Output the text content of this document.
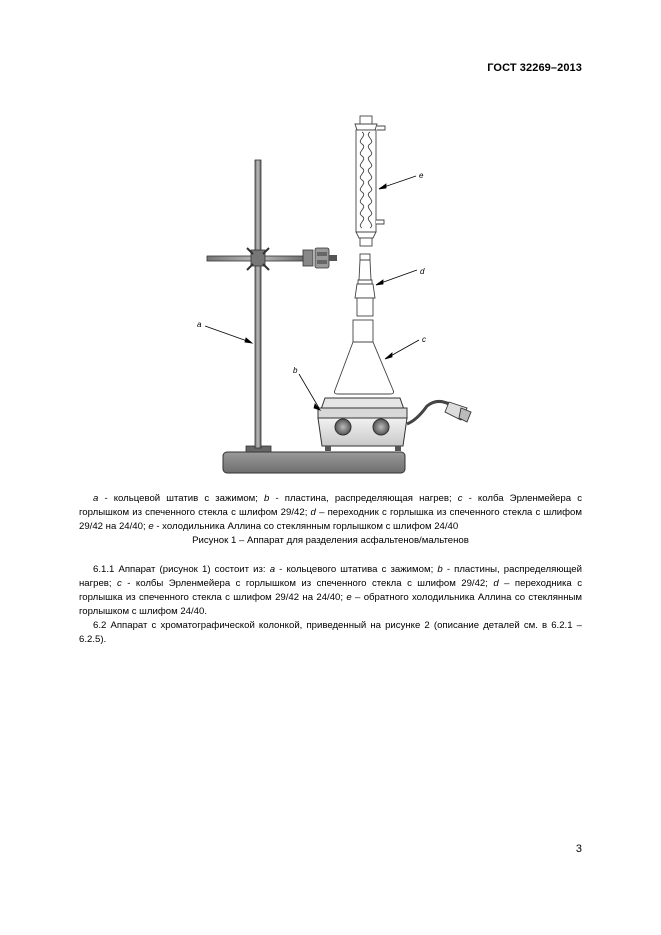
ГОСТ 32269–2013
a
e
d
c
b

a - кольцевой штатив с зажимом; b - пластина, распределяющая нагрев; c - колба Эрленмейера с горлышком из спеченного стекла с шлифом 29/42; d – переходник с горлышка из спеченного стекла с шлифом 29/42 на 24/40; e - холодильника Аллина со стеклянным горлышком с шлифом 24/40

Рисунок 1 – Аппарат для разделения асфальтенов/мальтенов

6.1.1 Аппарат (рисунок 1) состоит из: a - кольцевого штатива с зажимом; b - пластины, распределяющей нагрев; c - колбы Эрленмейера с горлышком из спеченного стекла с шлифом 29/42; d – переходника с горлышка из спеченного стекла с шлифом 29/42 на 24/40; e – обратного холодильника Аллина со стеклянным горлышком с шлифом 24/40.

6.2 Аппарат с хроматографической колонкой, приведенный на рисунке 2 (описание деталей см. в 6.2.1 – 6.2.5).

3
